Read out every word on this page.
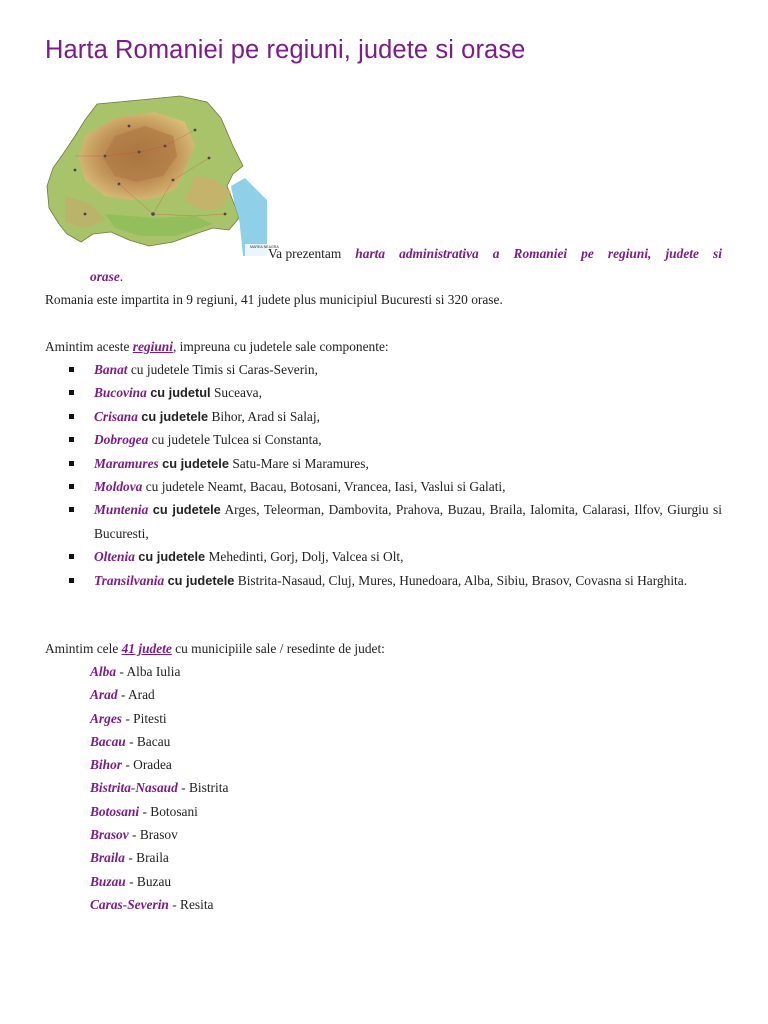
Harta Romaniei pe regiuni, judete si orase
MAREA NEAGRA
Va prezentam harta administrativa a Romaniei pe regiuni, judete si
orase.
Romania este impartita in 9 regiuni, 41 judete plus municipiul Bucuresti si 320 orase.
Amintim aceste regiuni, impreuna cu judetele sale componente:
Banat cu judetele Timis si Caras-Severin,
Bucovina cu judetul Suceava,
Crisana cu judetele Bihor, Arad si Salaj,
Dobrogea cu judetele Tulcea si Constanta,
Maramures cu judetele Satu-Mare si Maramures,
Moldova cu judetele Neamt, Bacau, Botosani, Vrancea, Iasi, Vaslui si Galati,
Muntenia cu judetele Arges, Teleorman, Dambovita, Prahova, Buzau, Braila, Ialomita, Calarasi, Ilfov, Giurgiu si Bucuresti,
Oltenia cu judetele Mehedinti, Gorj, Dolj, Valcea si Olt,
Transilvania cu judetele Bistrita-Nasaud, Cluj, Mures, Hunedoara, Alba, Sibiu, Brasov, Covasna si Harghita.
Amintim cele 41 judete cu municipiile sale / resedinte de judet:
Alba - Alba Iulia
Arad - Arad
Arges - Pitesti
Bacau - Bacau
Bihor - Oradea
Bistrita-Nasaud - Bistrita
Botosani - Botosani
Brasov - Brasov
Braila - Braila
Buzau - Buzau
Caras-Severin - Resita
